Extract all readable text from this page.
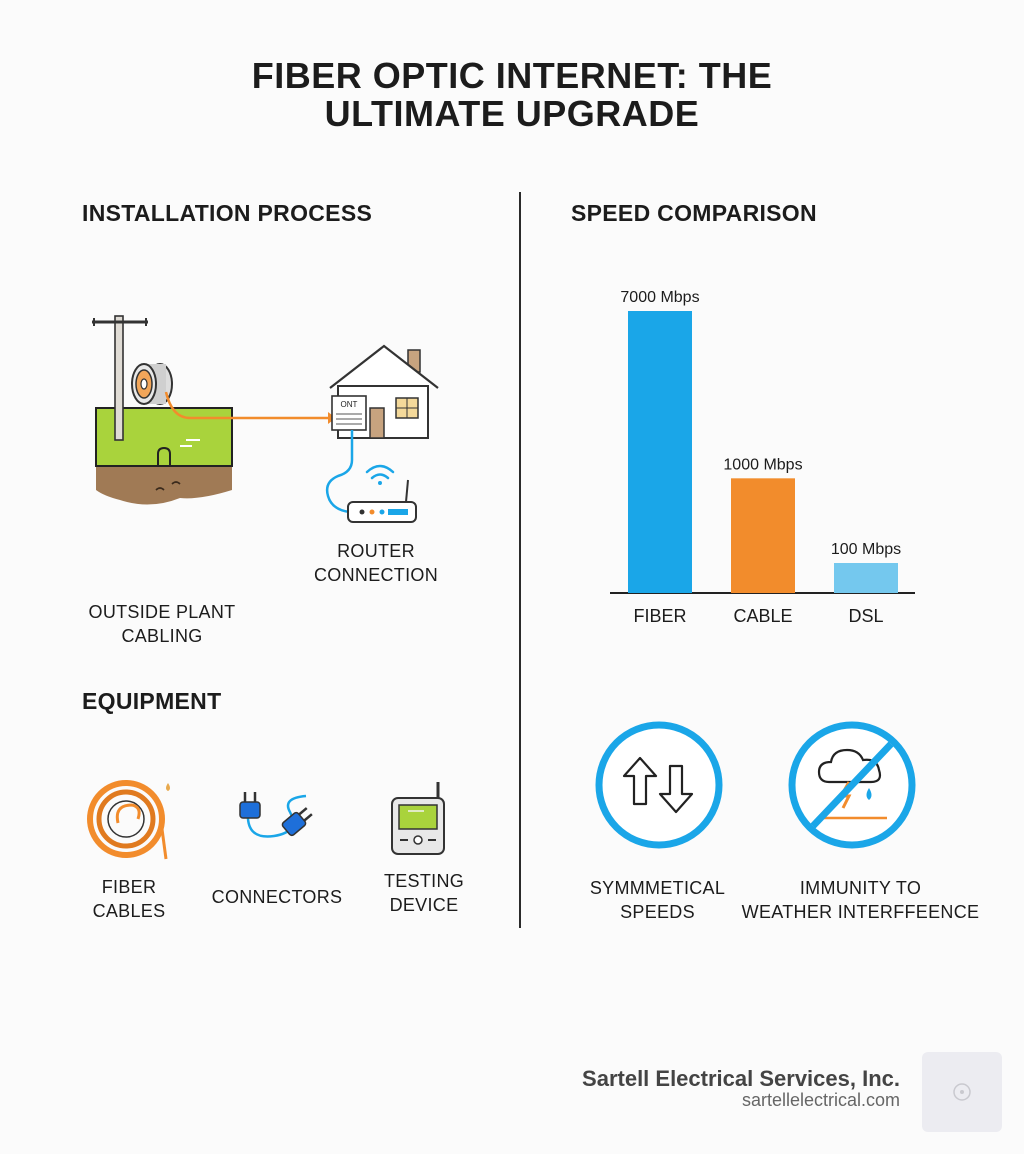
FIBER OPTIC INTERNET: THE
ULTIMATE UPGRADE
INSTALLATION PROCESS
ONT
ROUTER
CONNECTION
OUTSIDE PLANT
CABLING
EQUIPMENT
FIBER
CABLES
CONNECTORS
TESTING
DEVICE
SPEED COMPARISON
7000 Mbps
FIBER
1000 Mbps
CABLE
100 Mbps
DSL
SYMMMETICAL
SPEEDS
IMMUNITY TO
WEATHER INTERFFEENCE
Sartell Electrical Services, Inc.
sartellelectrical.com
